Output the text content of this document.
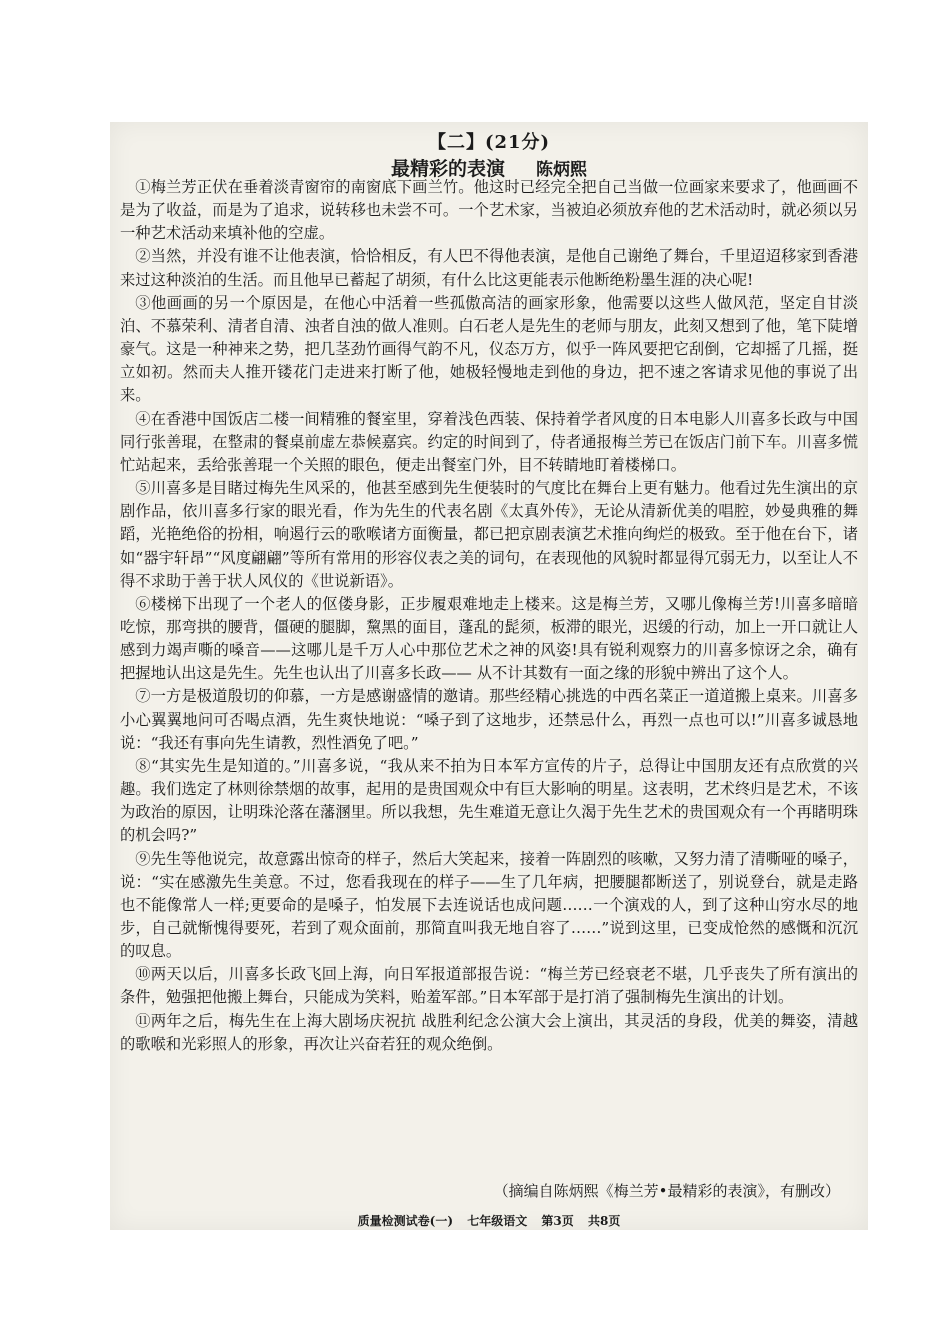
【二】(21分)
最精彩的表演 陈炳熙

①梅兰芳正伏在垂着淡青窗帘的南窗底下画兰竹。他这时已经完全把自己当做一位画家来要求了，他画画不是为了收益，而是为了追求，说转移也未尝不可。一个艺术家，当被迫必须放弃他的艺术活动时，就必须以另一种艺术活动来填补他的空虚。

②当然，并没有谁不让他表演，恰恰相反，有人巴不得他表演，是他自己谢绝了舞台，千里迢迢移家到香港来过这种淡泊的生活。而且他早已蓄起了胡须，有什么比这更能表示他断绝粉墨生涯的决心呢!

③他画画的另一个原因是，在他心中活着一些孤傲高洁的画家形象，他需要以这些人做风范，坚定自甘淡泊、不慕荣利、清者自清、浊者自浊的做人准则。白石老人是先生的老师与朋友，此刻又想到了他，笔下陡增豪气。这是一种神来之势，把几茎劲竹画得气韵不凡，仪态万方，似乎一阵风要把它刮倒，它却摇了几摇，挺立如初。然而夫人推开镂花门走进来打断了他，她极轻慢地走到他的身边，把不速之客请求见他的事说了出来。

④在香港中国饭店二楼一间精雅的餐室里，穿着浅色西装、保持着学者风度的日本电影人川喜多长政与中国同行张善琨，在整肃的餐桌前虚左恭候嘉宾。约定的时间到了，侍者通报梅兰芳已在饭店门前下车。川喜多慌忙站起来，丢给张善琨一个关照的眼色，便走出餐室门外，目不转睛地盯着楼梯口。

⑤川喜多是目睹过梅先生风采的，他甚至感到先生便装时的气度比在舞台上更有魅力。他看过先生演出的京剧作品，依川喜多行家的眼光看，作为先生的代表名剧《太真外传》，无论从清新优美的唱腔，妙曼典雅的舞蹈，光艳绝俗的扮相，响遏行云的歌喉诸方面衡量，都已把京剧表演艺术推向绚烂的极致。至于他在台下，诸如“器宇轩昂”“风度翩翩”等所有常用的形容仪表之美的词句，在表现他的风貌时都显得冗弱无力，以至让人不得不求助于善于状人风仪的《世说新语》。

⑥楼梯下出现了一个老人的伛偻身影，正步履艰难地走上楼来。这是梅兰芳，又哪儿像梅兰芳!川喜多暗暗吃惊，那弯拱的腰背，僵硬的腿脚，黧黑的面目，蓬乱的髭须，板滞的眼光，迟缓的行动，加上一开口就让人感到力竭声嘶的嗓音——这哪儿是千万人心中那位艺术之神的风姿!具有锐利观察力的川喜多惊讶之余，确有把握地认出这是先生。先生也认出了川喜多长政—— 从不计其数有一面之缘的形貌中辨出了这个人。

⑦一方是极道殷切的仰慕，一方是感谢盛情的邀请。那些经精心挑选的中西名菜正一道道搬上桌来。川喜多小心翼翼地问可否喝点酒，先生爽快地说：“嗓子到了这地步，还禁忌什么，再烈一点也可以!”川喜多诚恳地说：“我还有事向先生请教，烈性酒免了吧。”

⑧“其实先生是知道的。”川喜多说，“我从来不拍为日本军方宣传的片子，总得让中国朋友还有点欣赏的兴趣。我们选定了林则徐禁烟的故事，起用的是贵国观众中有巨大影响的明星。这表明，艺术终归是艺术，不该为政治的原因，让明珠沦落在藩溷里。所以我想，先生难道无意让久渴于先生艺术的贵国观众有一个再睹明珠的机会吗?”

⑨先生等他说完，故意露出惊奇的样子，然后大笑起来，接着一阵剧烈的咳嗽，又努力清了清嘶哑的嗓子，说：“实在感激先生美意。不过，您看我现在的样子——生了几年病，把腰腿都断送了，别说登台，就是走路也不能像常人一样;更要命的是嗓子，怕发展下去连说话也成问题……一个演戏的人，到了这种山穷水尽的地步，自己就惭愧得要死，若到了观众面前，那简直叫我无地自容了……”说到这里，已变成怆然的感慨和沉沉的叹息。

⑩两天以后，川喜多长政飞回上海，向日军报道部报告说：“梅兰芳已经衰老不堪，几乎丧失了所有演出的条件，勉强把他搬上舞台，只能成为笑料，贻羞军部。”日本军部于是打消了强制梅先生演出的计划。

⑪两年之后，梅先生在上海大剧场庆祝抗 战胜利纪念公演大会上演出，其灵活的身段，优美的舞姿，清越的歌喉和光彩照人的形象，再次让兴奋若狂的观众绝倒。

（摘编自陈炳熙《梅兰芳•最精彩的表演》，有删改）
质量检测试卷(一) 七年级语文 第3页 共8页
